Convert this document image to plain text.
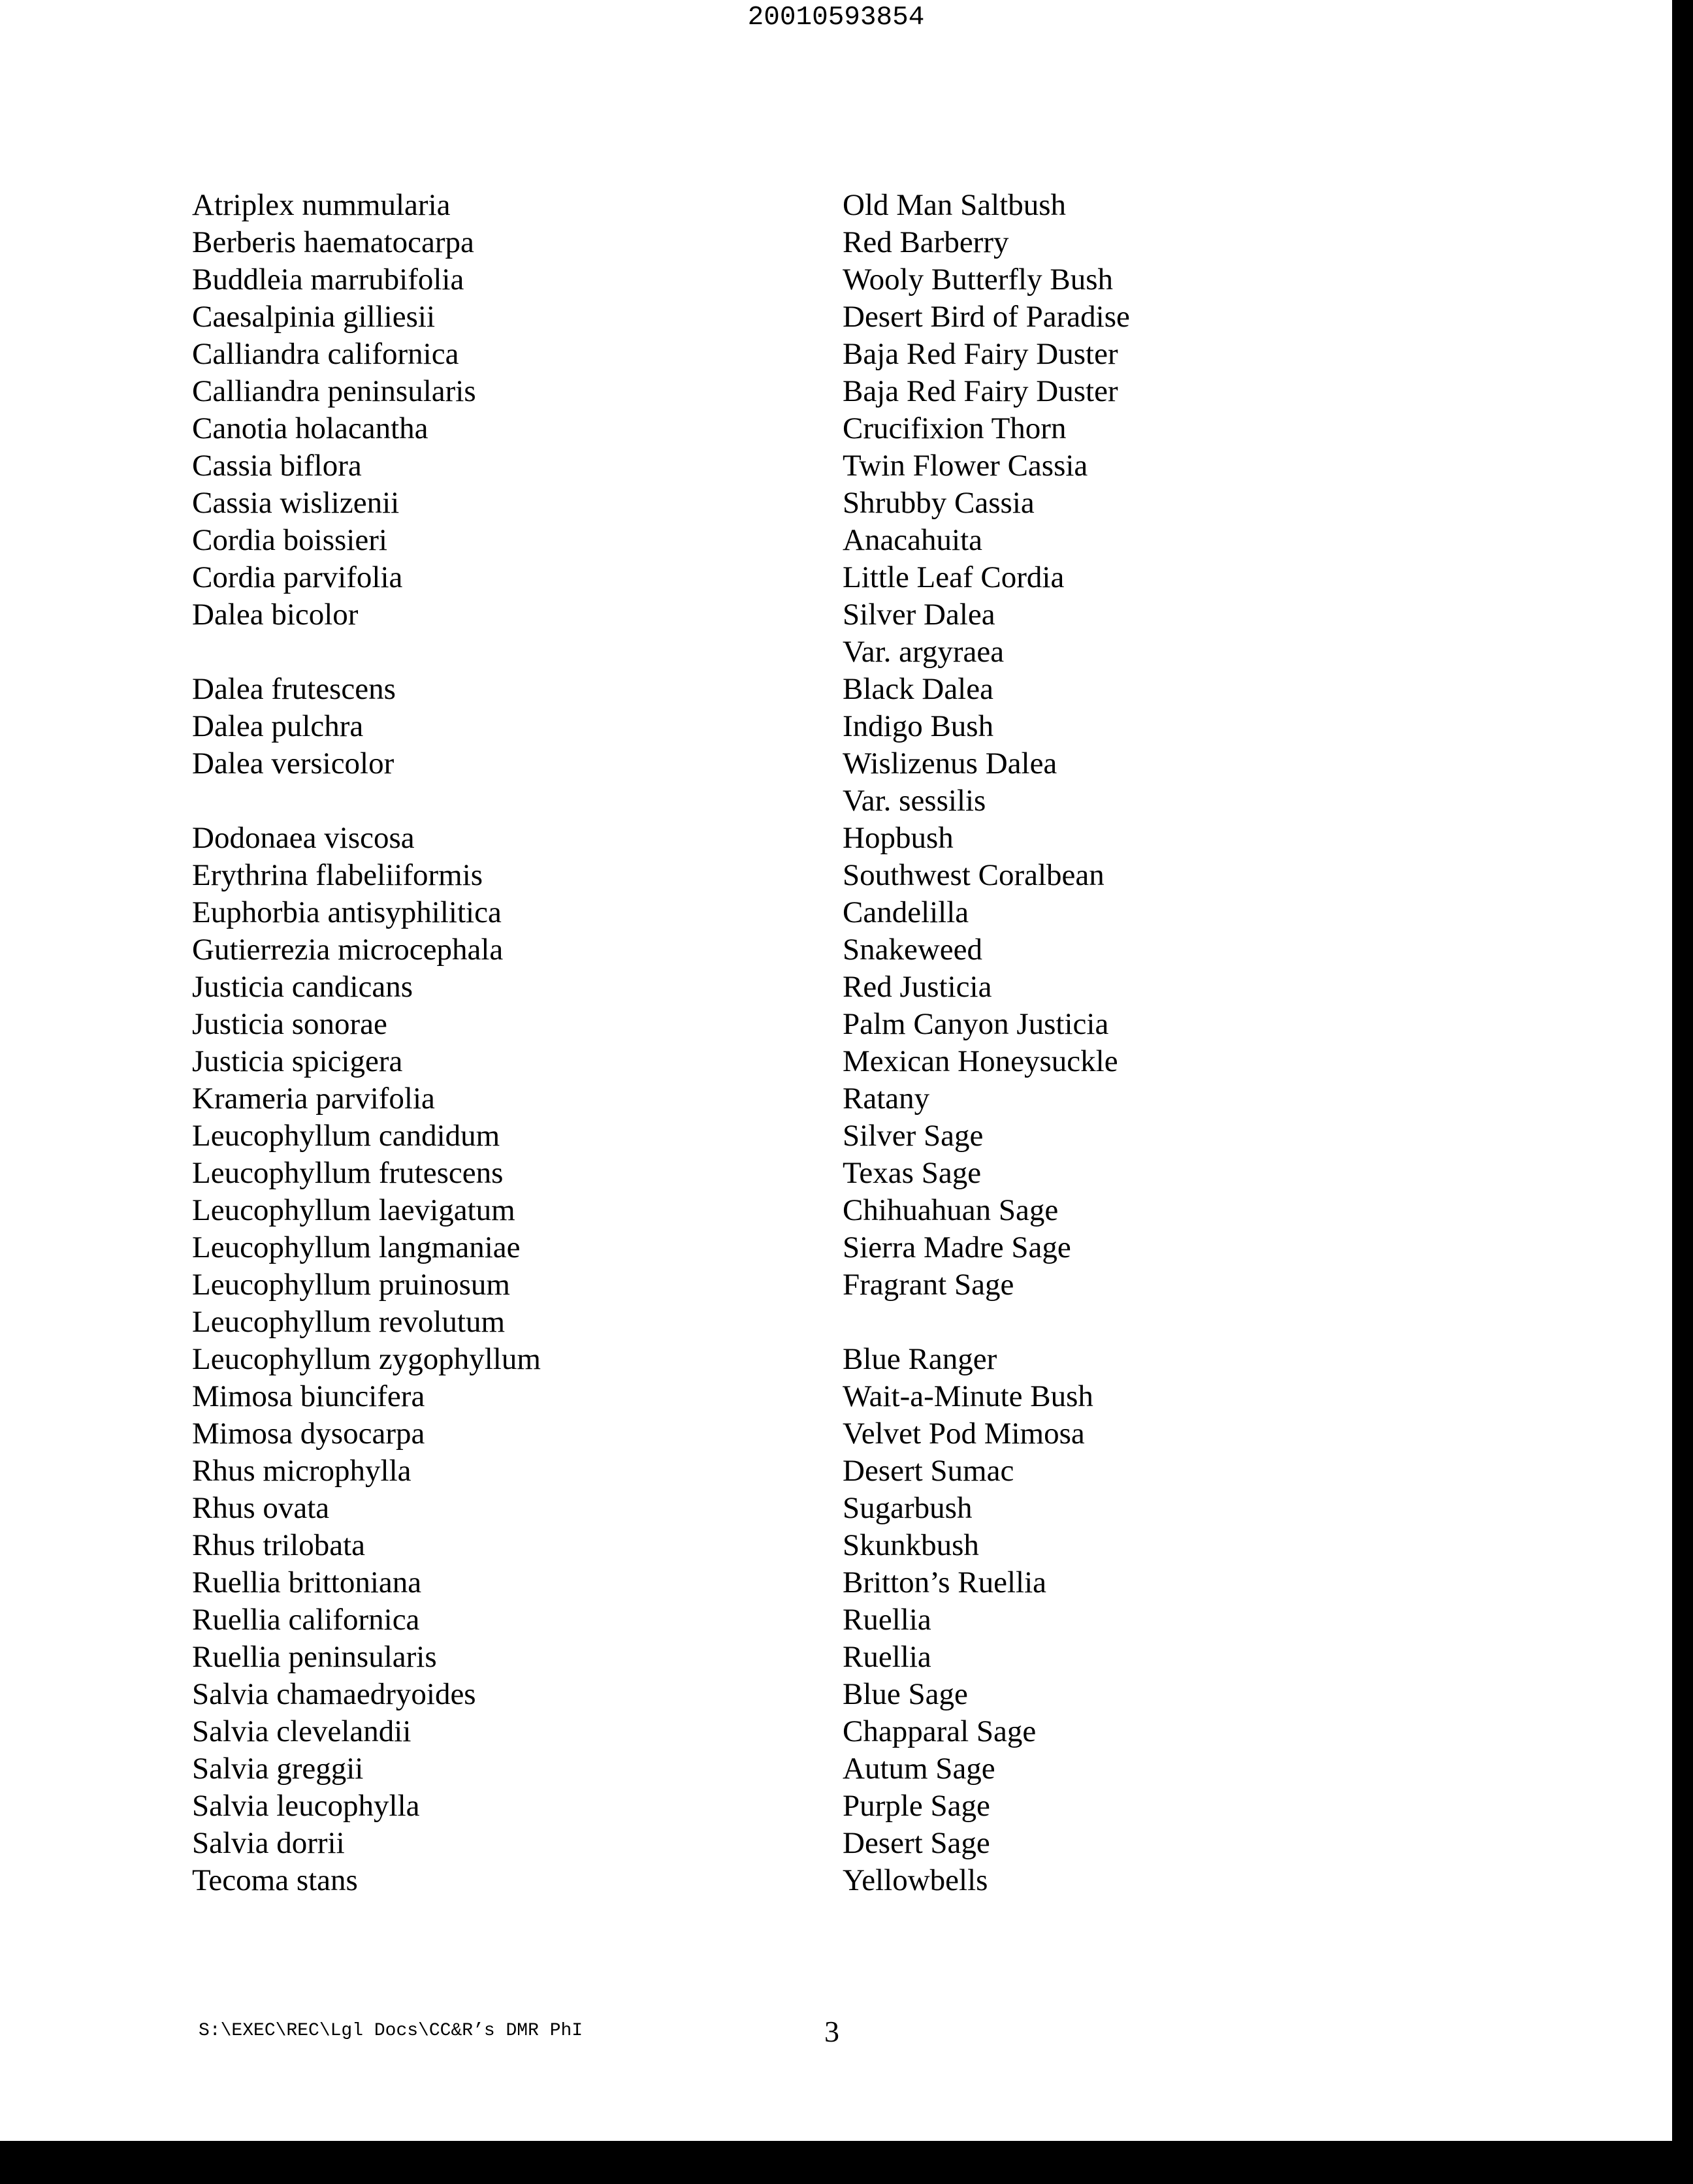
20010593854
Atriplex nummularia
Berberis haematocarpa
Buddleia marrubifolia
Caesalpinia gilliesii
Calliandra californica
Calliandra peninsularis
Canotia holacantha
Cassia biflora
Cassia wislizenii
Cordia boissieri
Cordia parvifolia
Dalea bicolor
Dalea frutescens
Dalea pulchra
Dalea versicolor
Dodonaea viscosa
Erythrina flabeliiformis
Euphorbia antisyphilitica
Gutierrezia microcephala
Justicia candicans
Justicia sonorae
Justicia spicigera
Krameria parvifolia
Leucophyllum candidum
Leucophyllum frutescens
Leucophyllum laevigatum
Leucophyllum langmaniae
Leucophyllum pruinosum
Leucophyllum revolutum
Leucophyllum zygophyllum
Mimosa biuncifera
Mimosa dysocarpa
Rhus microphylla
Rhus ovata
Rhus trilobata
Ruellia brittoniana
Ruellia californica
Ruellia peninsularis
Salvia chamaedryoides
Salvia clevelandii
Salvia greggii
Salvia leucophylla
Salvia dorrii
Tecoma stans
Old Man Saltbush
Red Barberry
Wooly Butterfly Bush
Desert Bird of Paradise
Baja Red Fairy Duster
Baja Red Fairy Duster
Crucifixion Thorn
Twin Flower Cassia
Shrubby Cassia
Anacahuita
Little Leaf Cordia
Silver Dalea
Var. argyraea
Black Dalea
Indigo Bush
Wislizenus Dalea
Var. sessilis
Hopbush
Southwest Coralbean
Candelilla
Snakeweed
Red Justicia
Palm Canyon Justicia
Mexican Honeysuckle
Ratany
Silver Sage
Texas Sage
Chihuahuan Sage
Sierra Madre Sage
Fragrant Sage
Blue Ranger
Wait-a-Minute Bush
Velvet Pod Mimosa
Desert Sumac
Sugarbush
Skunkbush
Britton’s Ruellia
Ruellia
Ruellia
Blue Sage
Chapparal Sage
Autum Sage
Purple Sage
Desert Sage
Yellowbells
S:\EXEC\REC\Lgl Docs\CC&R’s DMR PhI	3
